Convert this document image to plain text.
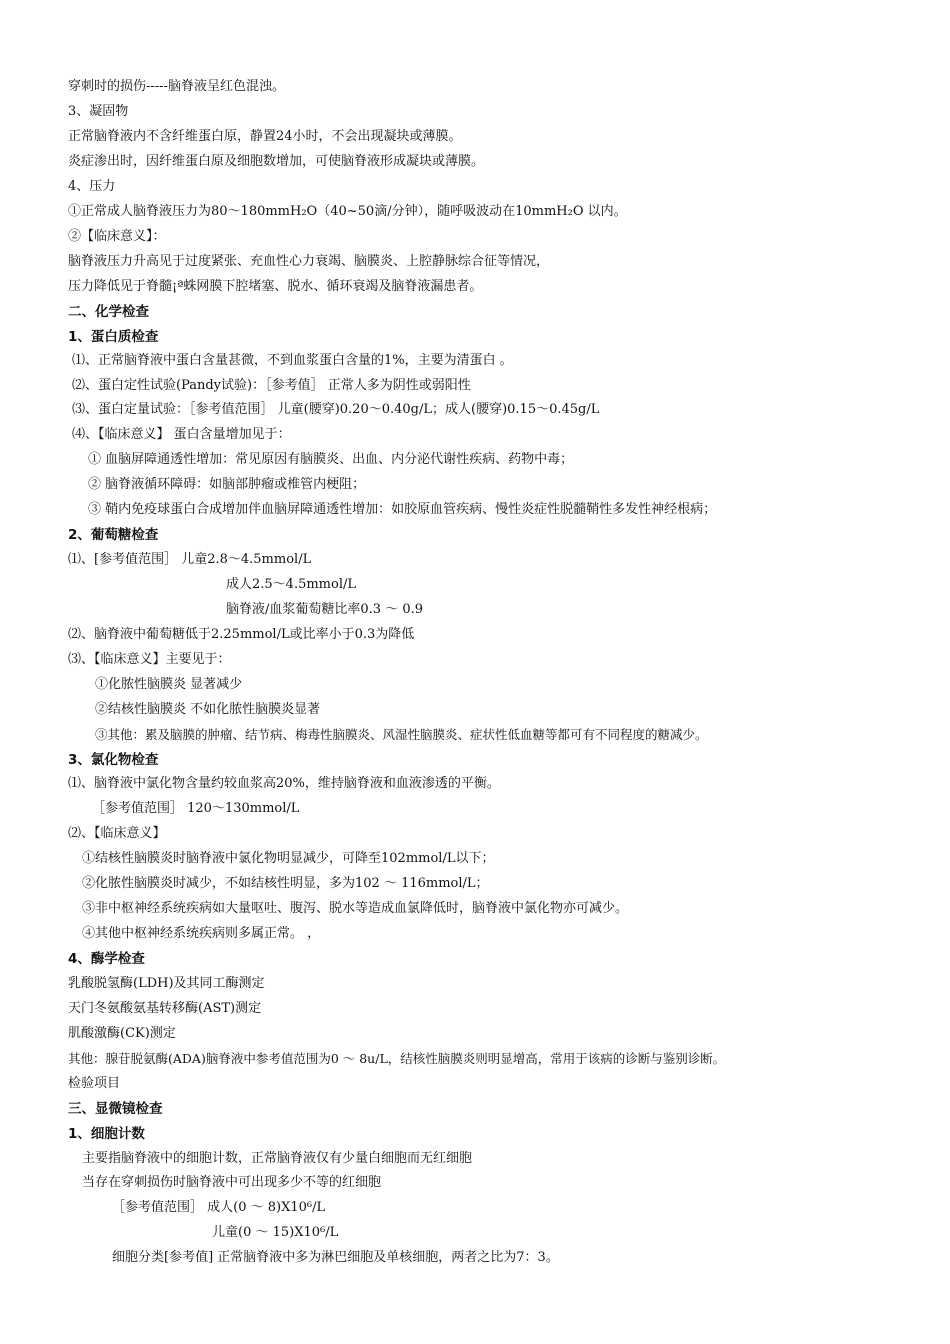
穿刺时的损伤-----脑脊液呈红色混浊。
3、凝固物
正常脑脊液内不含纤维蛋白原，静置24小时，不会出现凝块或薄膜。
炎症渗出时，因纤维蛋白原及细胞数增加，可使脑脊液形成凝块或薄膜。
4、压力
①正常成人脑脊液压力为80～180mmH₂O（40~50滴/分钟），随呼吸波动在10mmH₂O 以内。
②【临床意义】：
脑脊液压力升高见于过度紧张、充血性心力衰竭、脑膜炎、上腔静脉综合征等情况，
压力降低见于脊髓¡ª蛛网膜下腔堵塞、脱水、循环衰竭及脑脊液漏患者。
二、化学检查
1、蛋白质检查
⑴、正常脑脊液中蛋白含量甚微，不到血浆蛋白含量的1%，主要为清蛋白 。
⑵、蛋白定性试验(Pandy试验)：［参考值］ 正常人多为阴性或弱阳性
⑶、蛋白定量试验：［参考值范围］ 儿童(腰穿)0.20～0.40g/L；成人(腰穿)0.15～0.45g/L
⑷、【临床意义】 蛋白含量增加见于：
① 血脑屏障通透性增加：常见原因有脑膜炎、出血、内分泌代谢性疾病、药物中毒；
② 脑脊液循环障碍：如脑部肿瘤或椎管内梗阻；
③ 鞘内免疫球蛋白合成增加伴血脑屏障通透性增加：如胶原血管疾病、慢性炎症性脱髓鞘性多发性神经根病；
2、葡萄糖检查
⑴、[参考值范围］ 儿童2.8～4.5mmol/L
成人2.5～4.5mmol/L
脑脊液/血浆葡萄糖比率0.3 ～ 0.9
⑵、脑脊液中葡萄糖低于2.25mmol/L或比率小于0.3为降低
⑶、【临床意义】主要见于：
①化脓性脑膜炎 显著减少
②结核性脑膜炎 不如化脓性脑膜炎显著
③其他：累及脑膜的肿瘤、结节病、梅毒性脑膜炎、风湿性脑膜炎、症状性低血糖等都可有不同程度的糖减少。
3、氯化物检查
⑴、脑脊液中氯化物含量约较血浆高20%，维持脑脊液和血液渗透的平衡。
［参考值范围］ 120～130mmol/L
⑵、【临床意义】
①结核性脑膜炎时脑脊液中氯化物明显减少，可降至102mmol/L以下；
②化脓性脑膜炎时减少，不如结核性明显，多为102 ～ 116mmol/L；
③非中枢神经系统疾病如大量呕吐、腹泻、脱水等造成血氯降低时，脑脊液中氯化物亦可减少。
④其他中枢神经系统疾病则多属正常。 ，
4、酶学检查
乳酸脱氢酶(LDH)及其同工酶测定
天门冬氨酸氨基转移酶(AST)测定
肌酸激酶(CK)测定
其他：腺苷脱氨酶(ADA)脑脊液中参考值范围为0 ～ 8u/L，结核性脑膜炎则明显增高，常用于该病的诊断与鉴别诊断。
检验项目
三、显微镜检查
1、细胞计数
主要指脑脊液中的细胞计数，正常脑脊液仅有少量白细胞而无红细胞
当存在穿刺损伤时脑脊液中可出现多少不等的红细胞
［参考值范围］ 成人(0 ～ 8)X10⁶/L
儿童(0 ～ 15)X10⁶/L
细胞分类[参考值] 正常脑脊液中多为淋巴细胞及单核细胞，两者之比为7：3。
